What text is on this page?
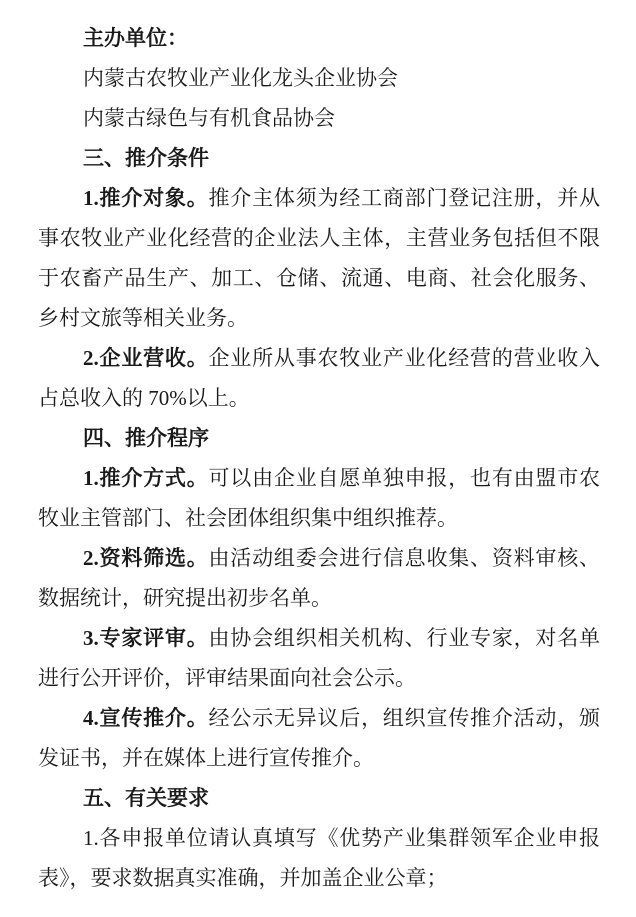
主办单位：
内蒙古农牧业产业化龙头企业协会
内蒙古绿色与有机食品协会
三、推介条件
1.推介对象。推介主体须为经工商部门登记注册，并从
事农牧业产业化经营的企业法人主体，主营业务包括但不限
于农畜产品生产、加工、仓储、流通、电商、社会化服务、
乡村文旅等相关业务。
2.企业营收。企业所从事农牧业产业化经营的营业收入
占总收入的 70%以上。
四、推介程序
1.推介方式。可以由企业自愿单独申报，也有由盟市农
牧业主管部门、社会团体组织集中组织推荐。
2.资料筛选。由活动组委会进行信息收集、资料审核、
数据统计，研究提出初步名单。
3.专家评审。由协会组织相关机构、行业专家，对名单
进行公开评价，评审结果面向社会公示。
4.宣传推介。经公示无异议后，组织宣传推介活动，颁
发证书，并在媒体上进行宣传推介。
五、有关要求
1.各申报单位请认真填写《优势产业集群领军企业申报
表》，要求数据真实准确，并加盖企业公章；
